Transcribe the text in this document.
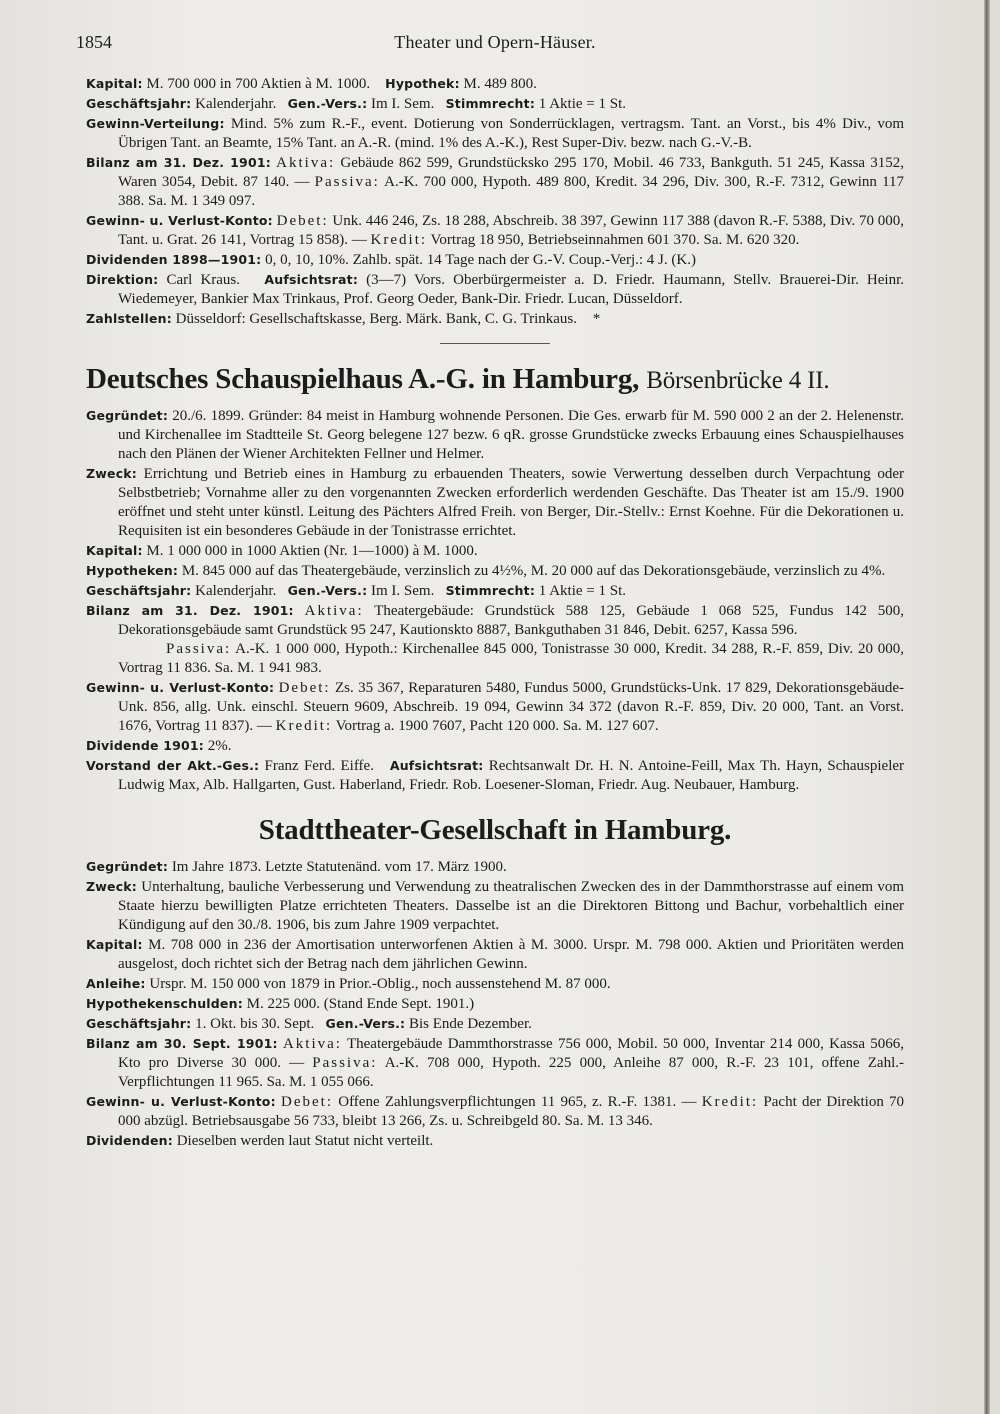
1854	Theater und Opern-Häuser.
Kapital: M. 700 000 in 700 Aktien à M. 1000. Hypothek: M. 489 800.
Geschäftsjahr: Kalenderjahr. Gen.-Vers.: Im I. Sem. Stimmrecht: 1 Aktie = 1 St.
Gewinn-Verteilung: Mind. 5% zum R.-F., event. Dotierung von Sonderrücklagen, vertragsm. Tant. an Vorst., bis 4% Div., vom Übrigen Tant. an Beamte, 15% Tant. an A.-R. (mind. 1% des A.-K.), Rest Super-Div. bezw. nach G.-V.-B.
Bilanz am 31. Dez. 1901: Aktiva: Gebäude 862 599, Grundstücksko 295 170, Mobil. 46 733, Bankguth. 51 245, Kassa 3152, Waren 3054, Debit. 87 140. — Passiva: A.-K. 700 000, Hypoth. 489 800, Kredit. 34 296, Div. 300, R.-F. 7312, Gewinn 117 388. Sa. M. 1 349 097.
Gewinn- u. Verlust-Konto: Debet: Unk. 446 246, Zs. 18 288, Abschreib. 38 397, Gewinn 117 388 (davon R.-F. 5388, Div. 70 000, Tant. u. Grat. 26 141, Vortrag 15 858). — Kredit: Vortrag 18 950, Betriebseinnahmen 601 370. Sa. M. 620 320.
Dividenden 1898—1901: 0, 0, 10, 10%. Zahlb. spät. 14 Tage nach der G.-V. Coup.-Verj.: 4 J. (K.)
Direktion: Carl Kraus. Aufsichtsrat: (3—7) Vors. Oberbürgermeister a. D. Friedr. Haumann, Stellv. Brauerei-Dir. Heinr. Wiedemeyer, Bankier Max Trinkaus, Prof. Georg Oeder, Bank-Dir. Friedr. Lucan, Düsseldorf.
Zahlstellen: Düsseldorf: Gesellschaftskasse, Berg. Märk. Bank, C. G. Trinkaus. *
Deutsches Schauspielhaus A.-G. in Hamburg, Börsenbrücke 4 II.
Gegründet: 20./6. 1899. Gründer: 84 meist in Hamburg wohnende Personen. Die Ges. erwarb für M. 590 000 2 an der 2. Helenenstr. und Kirchenallee im Stadtteile St. Georg belegene 127 bezw. 6 qR. grosse Grundstücke zwecks Erbauung eines Schauspielhauses nach den Plänen der Wiener Architekten Fellner und Helmer.
Zweck: Errichtung und Betrieb eines in Hamburg zu erbauenden Theaters, sowie Verwertung desselben durch Verpachtung oder Selbstbetrieb; Vornahme aller zu den vorgenannten Zwecken erforderlich werdenden Geschäfte. Das Theater ist am 15./9. 1900 eröffnet und steht unter künstl. Leitung des Pächters Alfred Freih. von Berger, Dir.-Stellv.: Ernst Koehne. Für die Dekorationen u. Requisiten ist ein besonderes Gebäude in der Tonistrasse errichtet.
Kapital: M. 1 000 000 in 1000 Aktien (Nr. 1—1000) à M. 1000.
Hypotheken: M. 845 000 auf das Theatergebäude, verzinslich zu 4½%, M. 20 000 auf das Dekorationsgebäude, verzinslich zu 4%.
Geschäftsjahr: Kalenderjahr. Gen.-Vers.: Im I. Sem. Stimmrecht: 1 Aktie = 1 St.
Bilanz am 31. Dez. 1901: Aktiva: Theatergebäude: Grundstück 588 125, Gebäude 1 068 525, Fundus 142 500, Dekorationsgebäude samt Grundstück 95 247, Kautionskto 8887, Bankguthaben 31 846, Debit. 6257, Kassa 596.
Passiva: A.-K. 1 000 000, Hypoth.: Kirchenallee 845 000, Tonistrasse 30 000, Kredit. 34 288, R.-F. 859, Div. 20 000, Vortrag 11 836. Sa. M. 1 941 983.
Gewinn- u. Verlust-Konto: Debet: Zs. 35 367, Reparaturen 5480, Fundus 5000, Grundstücks-Unk. 17 829, Dekorationsgebäude-Unk. 856, allg. Unk. einschl. Steuern 9609, Abschreib. 19 094, Gewinn 34 372 (davon R.-F. 859, Div. 20 000, Tant. an Vorst. 1676, Vortrag 11 837). — Kredit: Vortrag a. 1900 7607, Pacht 120 000. Sa. M. 127 607.
Dividende 1901: 2%.
Vorstand der Akt.-Ges.: Franz Ferd. Eiffe. Aufsichtsrat: Rechtsanwalt Dr. H. N. Antoine-Feill, Max Th. Hayn, Schauspieler Ludwig Max, Alb. Hallgarten, Gust. Haberland, Friedr. Rob. Loesener-Sloman, Friedr. Aug. Neubauer, Hamburg.
Stadttheater-Gesellschaft in Hamburg.
Gegründet: Im Jahre 1873. Letzte Statutenänd. vom 17. März 1900.
Zweck: Unterhaltung, bauliche Verbesserung und Verwendung zu theatralischen Zwecken des in der Dammthorstrasse auf einem vom Staate hierzu bewilligten Platze errichteten Theaters. Dasselbe ist an die Direktoren Bittong und Bachur, vorbehaltlich einer Kündigung auf den 30./8. 1906, bis zum Jahre 1909 verpachtet.
Kapital: M. 708 000 in 236 der Amortisation unterworfenen Aktien à M. 3000. Urspr. M. 798 000. Aktien und Prioritäten werden ausgelost, doch richtet sich der Betrag nach dem jährlichen Gewinn.
Anleihe: Urspr. M. 150 000 von 1879 in Prior.-Oblig., noch aussenstehend M. 87 000.
Hypothekenschulden: M. 225 000. (Stand Ende Sept. 1901.)
Geschäftsjahr: 1. Okt. bis 30. Sept. Gen.-Vers.: Bis Ende Dezember.
Bilanz am 30. Sept. 1901: Aktiva: Theatergebäude Dammthorstrasse 756 000, Mobil. 50 000, Inventar 214 000, Kassa 5066, Kto pro Diverse 30 000. — Passiva: A.-K. 708 000, Hypoth. 225 000, Anleihe 87 000, R.-F. 23 101, offene Zahl.-Verpflichtungen 11 965. Sa. M. 1 055 066.
Gewinn- u. Verlust-Konto: Debet: Offene Zahlungsverpflichtungen 11 965, z. R.-F. 1381. — Kredit: Pacht der Direktion 70 000 abzügl. Betriebsausgabe 56 733, bleibt 13 266, Zs. u. Schreibgeld 80. Sa. M. 13 346.
Dividenden: Dieselben werden laut Statut nicht verteilt.
